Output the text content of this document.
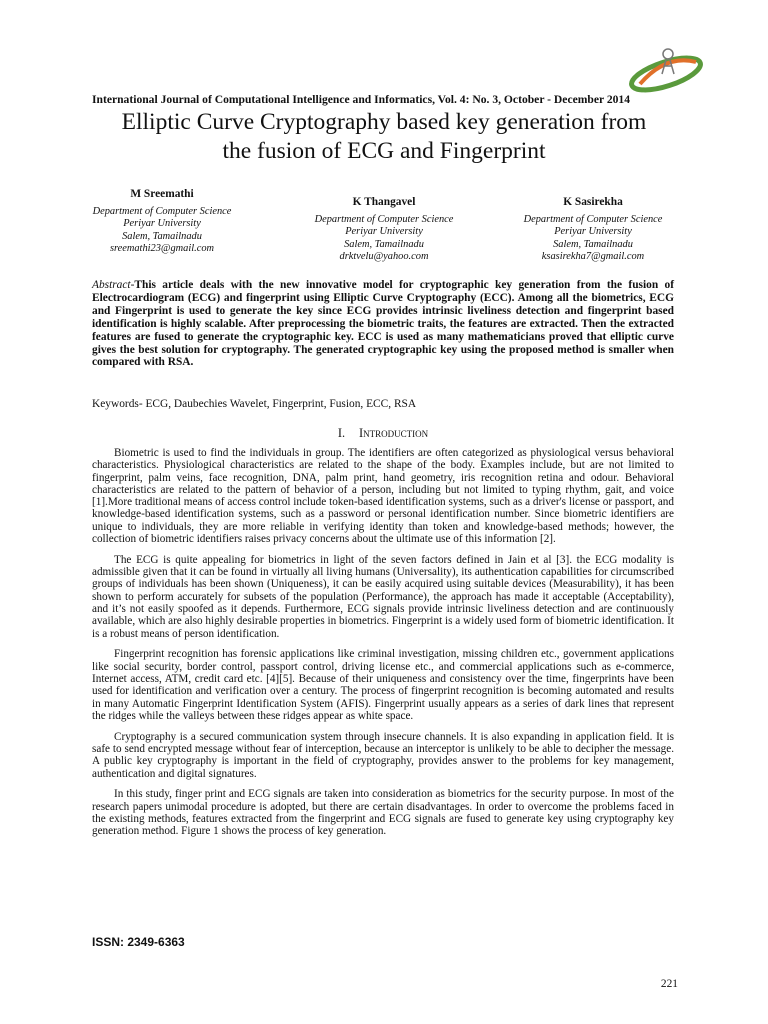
International Journal of Computational Intelligence and Informatics, Vol. 4: No. 3, October - December 2014
Elliptic Curve Cryptography based key generation from
the fusion of ECG and Fingerprint
M Sreemathi
Department of Computer Science
Periyar University
Salem, Tamailnadu
sreemathi23@gmail.com
K Thangavel
Department of Computer Science
Periyar University
Salem, Tamailnadu
drktvelu@yahoo.com
K Sasirekha
Department of Computer Science
Periyar University
Salem, Tamailnadu
ksasirekha7@gmail.com
Abstract-This article deals with the new innovative model for cryptographic key generation from the fusion of Electrocardiogram (ECG) and fingerprint using Elliptic Curve Cryptography (ECC). Among all the biometrics, ECG and Fingerprint is used to generate the key since ECG provides intrinsic liveliness detection and fingerprint based identification is highly scalable. After preprocessing the biometric traits, the features are extracted. Then the extracted features are fused to generate the cryptographic key. ECC is used as many mathematicians proved that elliptic curve gives the best solution for cryptography. The generated cryptographic key using the proposed method is smaller when compared with RSA.
Keywords- ECG, Daubechies Wavelet, Fingerprint, Fusion, ECC, RSA
I. Introduction

Biometric is used to find the individuals in group. The identifiers are often categorized as physiological versus behavioral characteristics. Physiological characteristics are related to the shape of the body. Examples include, but are not limited to fingerprint, palm veins, face recognition, DNA, palm print, hand geometry, iris recognition retina and odour. Behavioral characteristics are related to the pattern of behavior of a person, including but not limited to typing rhythm, gait, and voice [1].More traditional means of access control include token-based identification systems, such as a driver's license or passport, and knowledge-based identification systems, such as a password or personal identification number. Since biometric identifiers are unique to individuals, they are more reliable in verifying identity than token and knowledge-based methods; however, the collection of biometric identifiers raises privacy concerns about the ultimate use of this information [2].

The ECG is quite appealing for biometrics in light of the seven factors defined in Jain et al [3]. the ECG modality is admissible given that it can be found in virtually all living humans (Universality), its authentication capabilities for circumscribed groups of individuals has been shown (Uniqueness), it can be easily acquired using suitable devices (Measurability), it has been shown to perform accurately for subsets of the population (Performance), the approach has made it acceptable (Acceptability), and it’s not easily spoofed as it depends. Furthermore, ECG signals provide intrinsic liveliness detection and are continuously available, which are also highly desirable properties in biometrics. Fingerprint is a widely used form of biometric identification. It is a robust means of person identification.

Fingerprint recognition has forensic applications like criminal investigation, missing children etc., government applications like social security, border control, passport control, driving license etc., and commercial applications such as e-commerce, Internet access, ATM, credit card etc. [4][5]. Because of their uniqueness and consistency over the time, fingerprints have been used for identification and verification over a century. The process of fingerprint recognition is becoming automated and results in many Automatic Fingerprint Identification System (AFIS). Fingerprint usually appears as a series of dark lines that represent the ridges while the valleys between these ridges appear as white space.

Cryptography is a secured communication system through insecure channels. It is also expanding in application field. It is safe to send encrypted message without fear of interception, because an interceptor is unlikely to be able to decipher the message. A public key cryptography is important in the field of cryptography, provides answer to the problems for key management, authentication and digital signatures.

In this study, finger print and ECG signals are taken into consideration as biometrics for the security purpose. In most of the research papers unimodal procedure is adopted, but there are certain disadvantages. In order to overcome the problems faced in the existing methods, features extracted from the fingerprint and ECG signals are fused to generate key using cryptography key generation method. Figure 1 shows the process of key generation.

ISSN: 2349-6363
221
